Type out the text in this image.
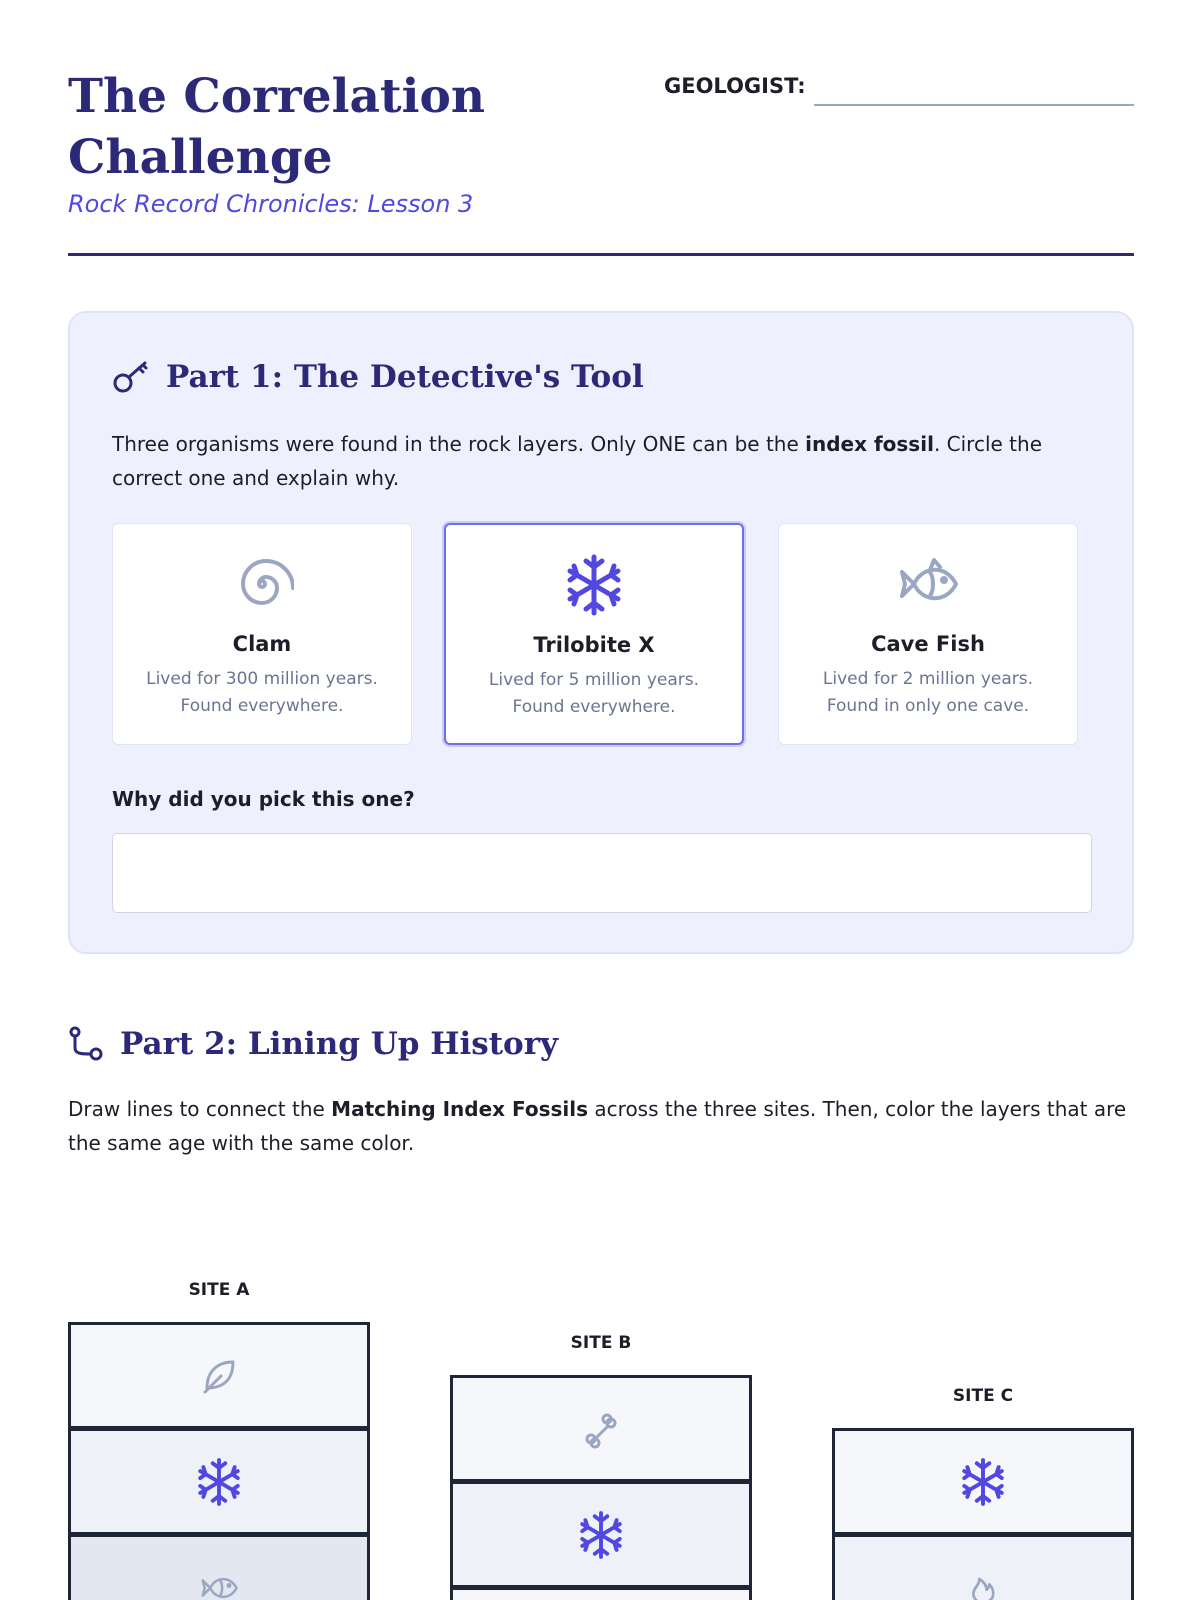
The Correlation Challenge
Rock Record Chronicles: Lesson 3
GEOLOGIST:
Part 1: The Detective's Tool
Three organisms were found in the rock layers. Only ONE can be the index fossil. Circle the correct one and explain why.
Clam
Lived for 300 million years.
Found everywhere.
Trilobite X
Lived for 5 million years.
Found everywhere.
Cave Fish
Lived for 2 million years.
Found in only one cave.
Why did you pick this one?
Part 2: Lining Up History
Draw lines to connect the Matching Index Fossils across the three sites. Then, color the layers that are the same age with the same color.
SITE A
SITE B
SITE C
